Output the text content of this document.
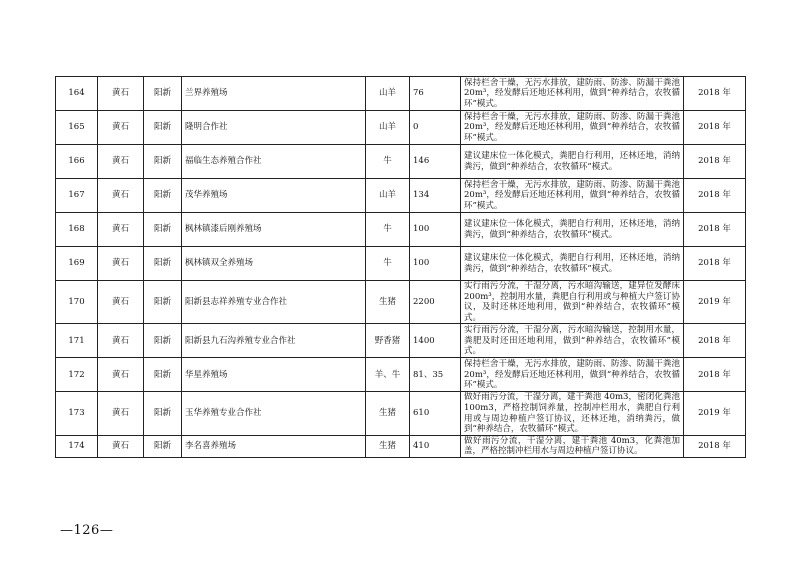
164	黄石	阳新	兰界养殖场	山羊	76	保持栏舍干燥，无污水排放，建防雨、防渗、防漏干粪池 20m³，经发酵后还地还林利用，做到“种养结合，农牧循环”模式。	2018 年
165	黄石	阳新	隆明合作社	山羊	0	保持栏舍干燥，无污水排放，建防雨、防渗、防漏干粪池 20m³，经发酵后还地还林利用，做到“种养结合，农牧循环”模式。	2018 年
166	黄石	阳新	福临生态养殖合作社	牛	146	建议建床位一体化模式，粪肥自行利用，还林还地，消纳粪污，做到“种养结合，农牧循环”模式。	2018 年
167	黄石	阳新	茂华养殖场	山羊	134	保持栏舍干燥，无污水排放，建防雨、防渗、防漏干粪池 20m³，经发酵后还地还林利用，做到“种养结合，农牧循环”模式。	2018 年
168	黄石	阳新	枫林镇漆后刚养殖场	牛	100	建议建床位一体化模式，粪肥自行利用，还林还地，消纳粪污，做到“种养结合，农牧循环”模式。	2018 年
169	黄石	阳新	枫林镇双全养殖场	牛	100	建议建床位一体化模式，粪肥自行利用，还林还地，消纳粪污，做到“种养结合，农牧循环”模式。	2018 年
170	黄石	阳新	阳新县志祥养殖专业合作社	生猪	2200	实行雨污分流，干湿分离，污水暗沟输送，建异位发酵床 200m³，控制用水量，粪肥自行利用或与种植大户签订协议，及时还林还地利用，做到“种养结合，农牧循环”模式。	2019 年
171	黄石	阳新	阳新县九石沟养殖专业合作社	野香猪	1400	实行雨污分流，干湿分离，污水暗沟输送，控制用水量，粪肥及时还田还地利用，做到“种养结合，农牧循环”模式。	2018 年
172	黄石	阳新	华星养殖场	羊、牛	81、35	保持栏舍干燥，无污水排放，建防雨、防渗、防漏干粪池 20m³，经发酵后还地还林利用，做到“种养结合，农牧循环”模式。	2018 年
173	黄石	阳新	玉华养殖专业合作社	生猪	610	做好雨污分流，干湿分离，建干粪池 40m3，密闭化粪池 100m3，严格控制饲养量，控制冲栏用水，粪肥自行利用或与周边种植户签订协议，还林还地，消纳粪污，做到“种养结合，农牧循环”模式。	2019 年
174	黄石	阳新	李名喜养殖场	生猪	410	做好雨污分流，干湿分离，建干粪池 40m3，化粪池加盖，严格控制冲栏用水与周边种植户签订协议。	2018 年
—126—
